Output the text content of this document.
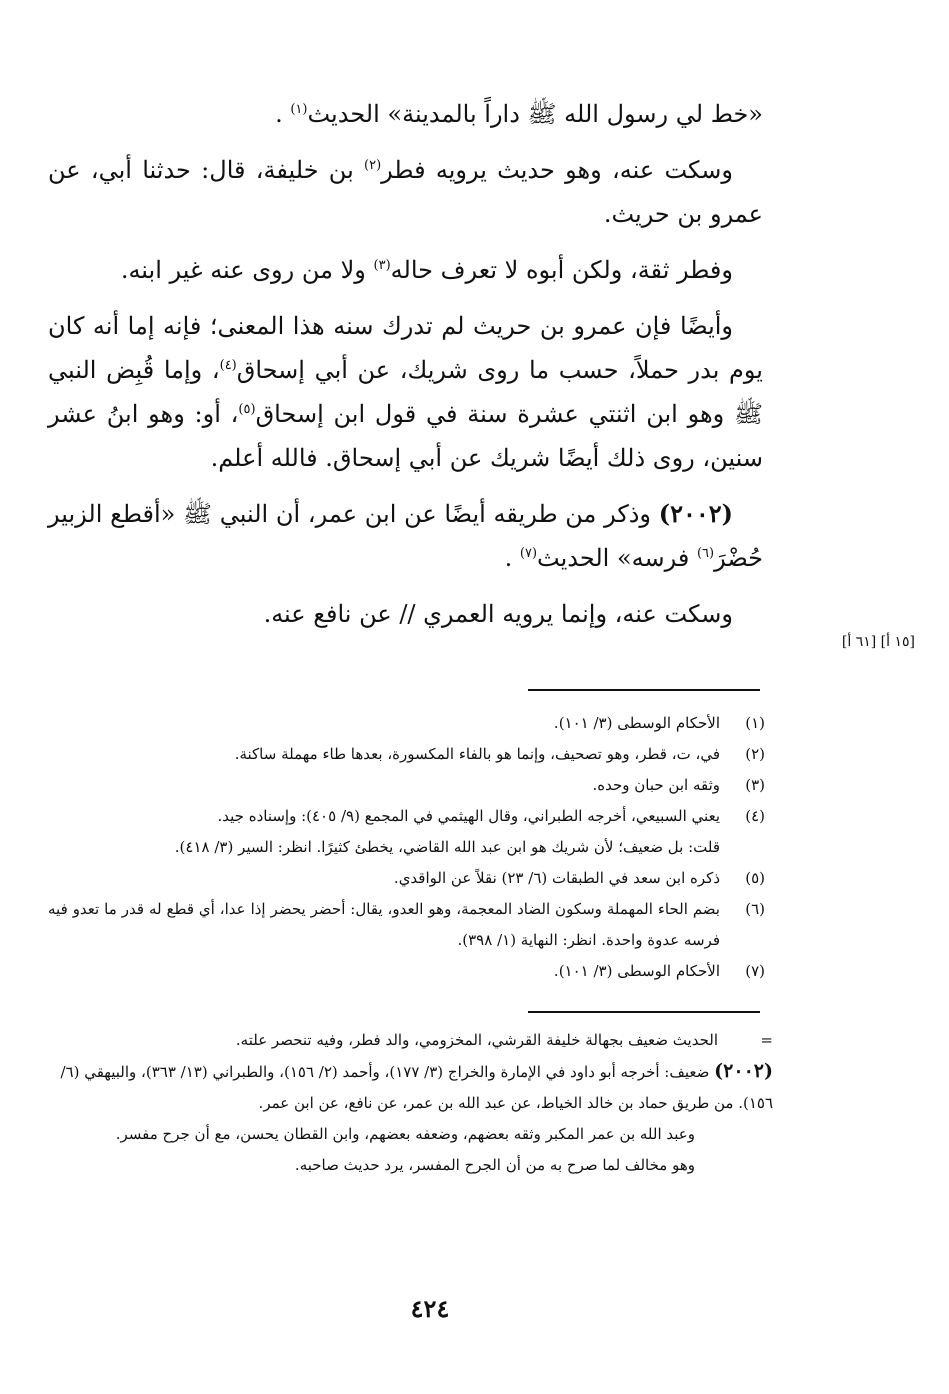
«خط لي رسول الله ﷺ داراً بالمدينة» الحديث$^{(١)}$ .

وسكت عنه، وهو حديث يرويه فطر$^{(٢)}$ بن خليفة، قال: حدثنا أبي، عن عمرو بن حريث.

وفطر ثقة، ولكن أبوه لا تعرف حاله$^{(٣)}$ ولا من روى عنه غير ابنه.

وأيضًا فإن عمرو بن حريث لم تدرك سنه هذا المعنى؛ فإنه إما أنه كان يوم بدر حملاً، حسب ما روى شريك، عن أبي إسحاق$^{(٤)}$، وإما قُبِض النبي ﷺ وهو ابن اثنتي عشرة سنة في قول ابن إسحاق$^{(٥)}$، أو: وهو ابنُ عشر سنين، روى ذلك أيضًا شريك عن أبي إسحاق. فالله أعلم.

(٢٠٠٢) وذكر من طريقه أيضًا عن ابن عمر، أن النبي ﷺ «أقطع الزبير حُضْرَ$^{(٦)}$ فرسه» الحديث$^{(٧)}$ .

وسكت عنه، وإنما يرويه العمري // عن نافع عنه.

[١٥ أ] [٦١ أ]
(١)
الأحكام الوسطى (٣/ ١٠١).
(٢)
في، ت، قطر، وهو تصحيف، وإنما هو بالفاء المكسورة، بعدها طاء مهملة ساكنة.
(٣)
وثقه ابن حبان وحده.
(٤)
يعني السبيعي، أخرجه الطبراني، وقال الهيثمي في المجمع (٩/ ٤٠٥): وإسناده جيد.
قلت: بل ضعيف؛ لأن شريك هو ابن عبد الله القاضي، يخطئ كثيرًا. انظر: السير (٣/ ٤١٨).
(٥)
ذكره ابن سعد في الطبقات (٦/ ٢٣) نقلاً عن الواقدي.
(٦)
بضم الحاء المهملة وسكون الضاد المعجمة، وهو العدو، يقال: أحضر يحضر إذا عدا، أي قطع له قدر ما تعدو فيه فرسه عدوة واحدة. انظر: النهاية (١/ ٣٩٨).
(٧)
الأحكام الوسطى (٣/ ١٠١).
=
الحديث ضعيف بجهالة خليفة القرشي، المخزومي، والد فطر، وفيه تنحصر علته.
(٢٠٠٢) ضعيف: أخرجه أبو داود في الإمارة والخراج (٣/ ١٧٧)، وأحمد (٢/ ١٥٦)، والطبراني (١٣/ ٣٦٣)، والبيهقي (٦/ ١٥٦). من طريق حماد بن خالد الخياط، عن عبد الله بن عمر، عن نافع، عن ابن عمر.
وعبد الله بن عمر المكبر وثقه بعضهم، وضعفه بعضهم، وابن القطان يحسن، مع أن جرح مفسر.
وهو مخالف لما صرح به من أن الجرح المفسر، يرد حديث صاحبه.
٤٢٤
